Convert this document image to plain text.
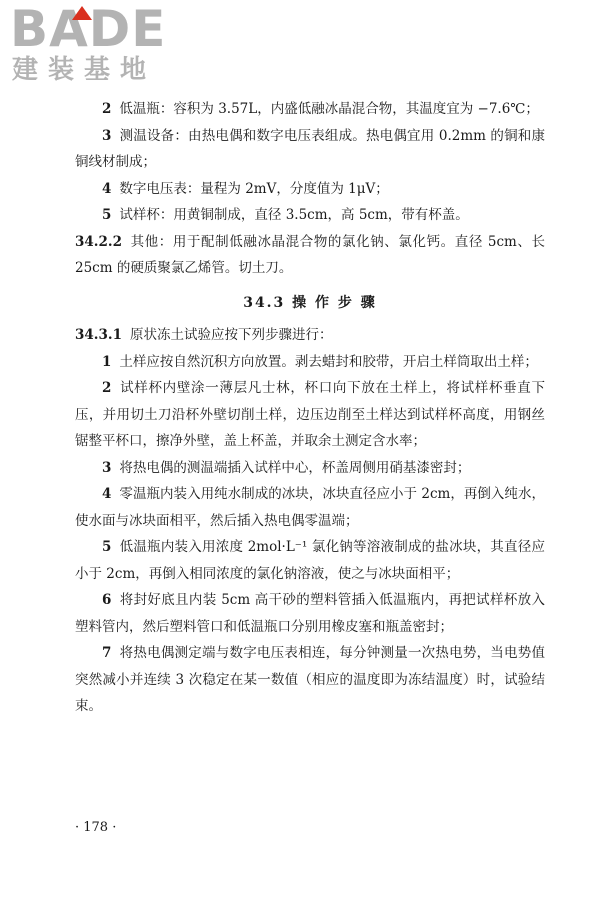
BADE
建装基地

2 低温瓶：容积为 3.57L，内盛低融冰晶混合物，其温度宜为 −7.6℃；

3 测温设备：由热电偶和数字电压表组成。热电偶宜用 0.2mm 的铜和康铜线材制成；

4 数字电压表：量程为 2mV，分度值为 1μV；

5 试样杯：用黄铜制成，直径 3.5cm，高 5cm，带有杯盖。

34.2.2 其他：用于配制低融冰晶混合物的氯化钠、氯化钙。直径 5cm、长 25cm 的硬质聚氯乙烯管。切土刀。

34.3 操 作 步 骤

34.3.1 原状冻土试验应按下列步骤进行：

1 土样应按自然沉积方向放置。剥去蜡封和胶带，开启土样筒取出土样；

2 试样杯内壁涂一薄层凡士林，杯口向下放在土样上，将试样杯垂直下压，并用切土刀沿杯外壁切削土样，边压边削至土样达到试样杯高度，用钢丝锯整平杯口，擦净外壁，盖上杯盖，并取余土测定含水率；

3 将热电偶的测温端插入试样中心，杯盖周侧用硝基漆密封；

4 零温瓶内装入用纯水制成的冰块，冰块直径应小于 2cm，再倒入纯水，使水面与冰块面相平，然后插入热电偶零温端；

5 低温瓶内装入用浓度 2mol·L⁻¹ 氯化钠等溶液制成的盐冰块，其直径应小于 2cm，再倒入相同浓度的氯化钠溶液，使之与冰块面相平；

6 将封好底且内装 5cm 高干砂的塑料管插入低温瓶内，再把试样杯放入塑料管内，然后塑料管口和低温瓶口分别用橡皮塞和瓶盖密封；

7 将热电偶测定端与数字电压表相连，每分钟测量一次热电势，当电势值突然减小并连续 3 次稳定在某一数值（相应的温度即为冻结温度）时，试验结束。

· 178 ·
